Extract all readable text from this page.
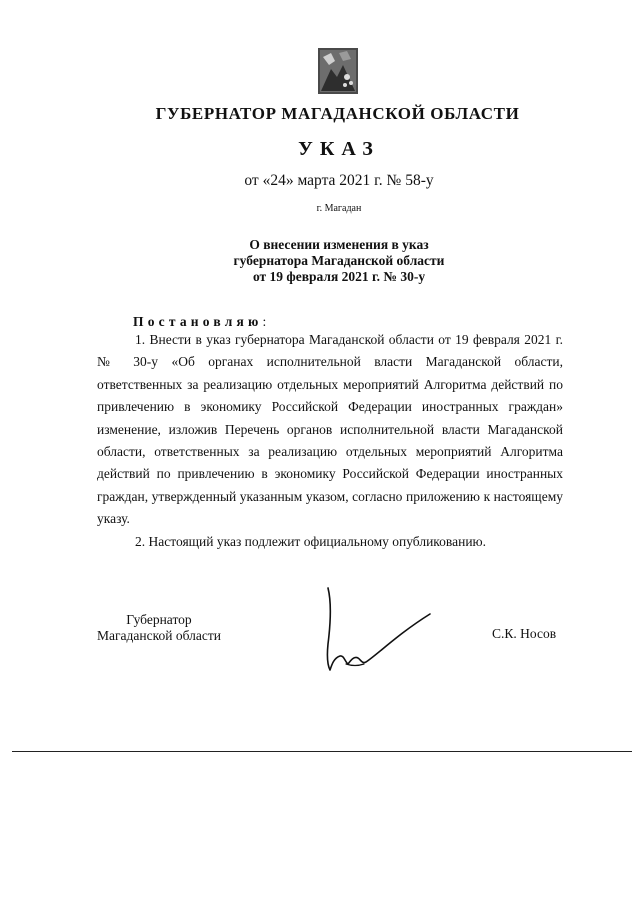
ГУБЕРНАТОР МАГАДАНСКОЙ ОБЛАСТИ
УКАЗ
от «24» марта 2021 г. № 58-у
г. Магадан
О внесении изменения в указ
губернатора Магаданской области
от 19 февраля 2021 г. № 30-у
Постановляю:

1. Внести в указ губернатора Магаданской области от 19 февраля 2021 г. № 30-у «Об органах исполнительной власти Магаданской области, ответственных за реализацию отдельных мероприятий Алгоритма действий по привлечению в экономику Российской Федерации иностранных граждан» изменение, изложив Перечень органов исполнительной власти Магаданской области, ответственных за реализацию отдельных мероприятий Алгоритма действий по привлечению в экономику Российской Федерации иностранных граждан, утвержденный указанным указом, согласно приложению к настоящему указу.

2. Настоящий указ подлежит официальному опубликованию.

Губернатор
Магаданской области	С.К. Носов
